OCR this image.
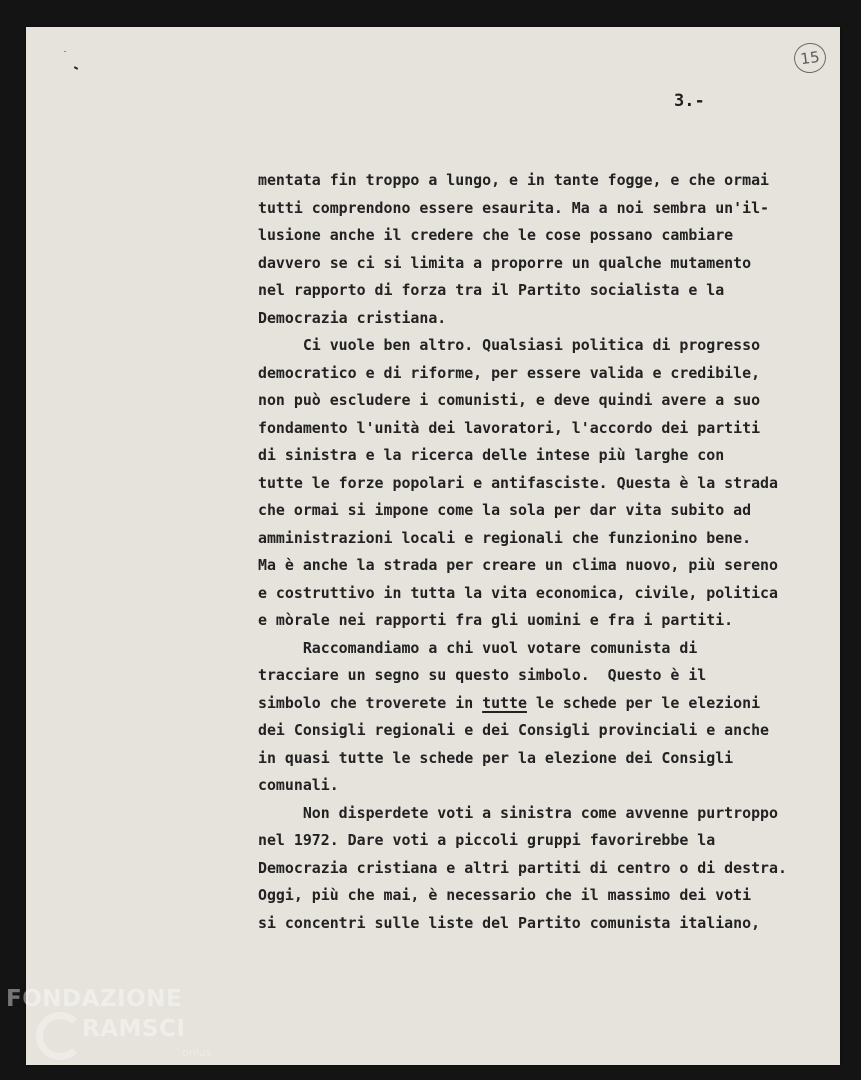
15
3.-
mentata fin troppo a lungo, e in tante fogge, e che ormai
tutti comprendono essere esaurita. Ma a noi sembra un'il-
lusione anche il credere che le cose possano cambiare
davvero se ci si limita a proporre un qualche mutamento
nel rapporto di forza tra il Partito socialista e la
Democrazia cristiana.
Ci vuole ben altro. Qualsiasi politica di progresso
democratico e di riforme, per essere valida e credibile,
non può escludere i comunisti, e deve quindi avere a suo
fondamento l'unità dei lavoratori, l'accordo dei partiti
di sinistra e la ricerca delle intese più larghe con
tutte le forze popolari e antifasciste. Questa è la strada
che ormai si impone come la sola per dar vita subito ad
amministrazioni locali e regionali che funzionino bene.
Ma è anche la strada per creare un clima nuovo, più sereno
e costruttivo in tutta la vita economica, civile, politica
e mòrale nei rapporti fra gli uomini e fra i partiti.
Raccomandiamo a chi vuol votare comunista di
tracciare un segno su questo simbolo.  Questo è il
simbolo che troverete in tutte le schede per le elezioni
dei Consigli regionali e dei Consigli provinciali e anche
in quasi tutte le schede per la elezione dei Consigli
comunali.
Non disperdete voti a sinistra come avvenne purtroppo
nel 1972. Dare voti a piccoli gruppi favorirebbe la
Democrazia cristiana e altri partiti di centro o di destra.
Oggi, più che mai, è necessario che il massimo dei voti
si concentri sulle liste del Partito comunista italiano,
FONDAZIONE
RAMSCI
onlus
